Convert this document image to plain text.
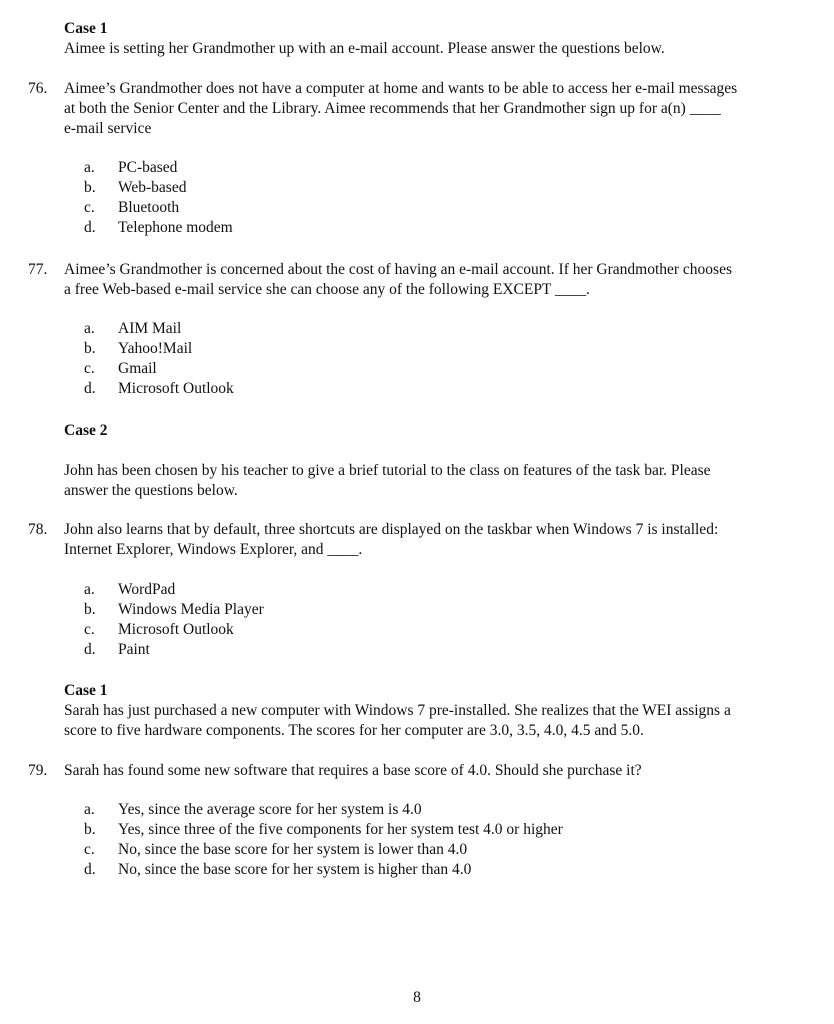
Case 1
Aimee is setting her Grandmother up with an e-mail account. Please answer the questions below.
76.	Aimee’s Grandmother does not have a computer at home and wants to be able to access her e-mail messages
at both the Senior Center and the Library. Aimee recommends that her Grandmother sign up for a(n) ____
e-mail service
a. PC-based
b. Web-based
c. Bluetooth
d. Telephone modem
77.	Aimee’s Grandmother is concerned about the cost of having an e-mail account. If her Grandmother chooses
a free Web-based e-mail service she can choose any of the following EXCEPT ____.
a. AIM Mail
b. Yahoo!Mail
c. Gmail
d. Microsoft Outlook
Case 2
John has been chosen by his teacher to give a brief tutorial to the class on features of the task bar. Please
answer the questions below.
78.	John also learns that by default, three shortcuts are displayed on the taskbar when Windows 7 is installed:
Internet Explorer, Windows Explorer, and ____.
a. WordPad
b. Windows Media Player
c. Microsoft Outlook
d. Paint
Case 1
Sarah has just purchased a new computer with Windows 7 pre-installed. She realizes that the WEI assigns a
score to five hardware components. The scores for her computer are 3.0, 3.5, 4.0, 4.5 and 5.0.
79.	Sarah has found some new software that requires a base score of 4.0. Should she purchase it?
a. Yes, since the average score for her system is 4.0
b. Yes, since three of the five components for her system test 4.0 or higher
c. No, since the base score for her system is lower than 4.0
d. No, since the base score for her system is higher than 4.0
8
